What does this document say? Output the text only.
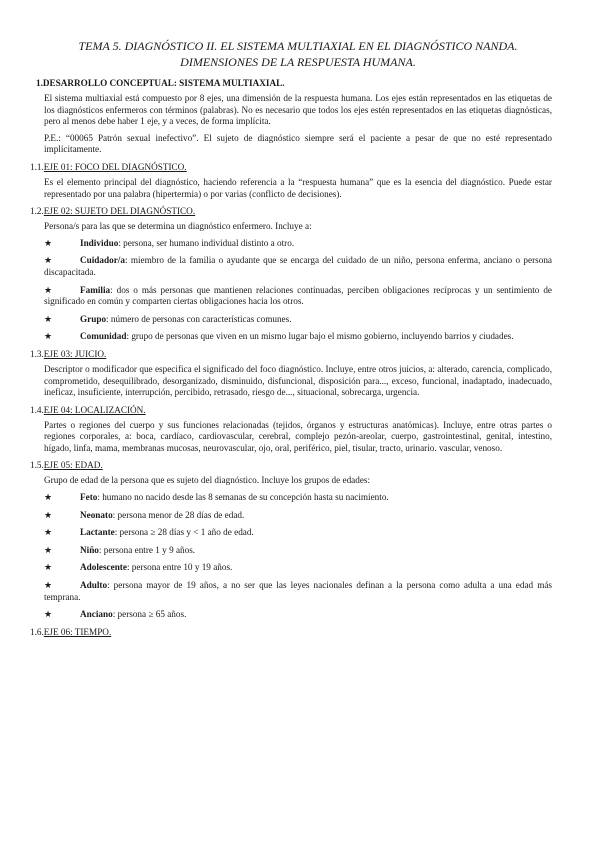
TEMA 5. DIAGNÓSTICO II. EL SISTEMA MULTIAXIAL EN EL DIAGNÓSTICO NANDA.
DIMENSIONES DE LA RESPUESTA HUMANA.
1.DESARROLLO CONCEPTUAL: SISTEMA MULTIAXIAL.

El sistema multiaxial está compuesto por 8 ejes, una dimensión de la respuesta humana. Los ejes están representados en las etiquetas de los diagnósticos enfermeros con términos (palabras). No es necesario que todos los ejes estén representados en las etiquetas diagnósticas, pero al menos debe haber 1 eje, y a veces, de forma implícita.

P.E.: “00065 Patrón sexual inefectivo”. El sujeto de diagnóstico siempre será el paciente a pesar de que no esté representado implícitamente.

1.1.EJE 01: FOCO DEL DIAGNÓSTICO.

Es el elemento principal del diagnóstico, haciendo referencia a la “respuesta humana” que es la esencia del diagnóstico. Puede estar representado por una palabra (hipertermia) o por varias (conflicto de decisiones).

1.2.EJE 02: SUJETO DEL DIAGNÓSTICO.

Persona/s para las que se determina un diagnóstico enfermero. Incluye a:

★	Individuo: persona, ser humano individual distinto a otro.
★	Cuidador/a: miembro de la familia o ayudante que se encarga del cuidado de un niño, persona enferma, anciano o persona discapacitada.
★	Familia: dos o más personas que mantienen relaciones continuadas, perciben obligaciones recíprocas y un sentimiento de significado en común y comparten ciertas obligaciones hacia los otros.
★	Grupo: número de personas con características comunes.
★	Comunidad: grupo de personas que viven en un mismo lugar bajo el mismo gobierno, incluyendo barrios y ciudades.
1.3.EJE 03: JUICIO.

Descriptor o modificador que especifica el significado del foco diagnóstico. Incluye, entre otros juicios, a: alterado, carencia, complicado, comprometido, desequilibrado, desorganizado, disminuido, disfuncional, disposición para..., exceso, funcional, inadaptado, inadecuado, ineficaz, insuficiente, interrupción, percibido, retrasado, riesgo de..., situacional, sobrecarga, urgencia.

1.4.EJE 04: LOCALIZACIÓN.

Partes o regiones del cuerpo y sus funciones relacionadas (tejidos, órganos y estructuras anatómicas). Incluye, entre otras partes o regiones corporales, a: boca, cardíaco, cardiovascular, cerebral, complejo pezón-areolar, cuerpo, gastrointestinal, genital, intestino, hígado, linfa, mama, membranas mucosas, neurovascular, ojo, oral, periférico, piel, tisular, tracto, urinario. vascular, venoso.

1.5.EJE 05: EDAD.

Grupo de edad de la persona que es sujeto del diagnóstico. Incluye los grupos de edades:

★	Feto: humano no nacido desde las 8 semanas de su concepción hasta su nacimiento.
★	Neonato: persona menor de 28 días de edad.
★	Lactante: persona ≥ 28 días y < 1 año de edad.
★	Niño: persona entre 1 y 9 años.
★	Adolescente: persona entre 10 y 19 años.
★	Adulto: persona mayor de 19 años, a no ser que las leyes nacionales definan a la persona como adulta a una edad más temprana.
★	Anciano: persona ≥ 65 años.
1.6.EJE 06: TIEMPO.
